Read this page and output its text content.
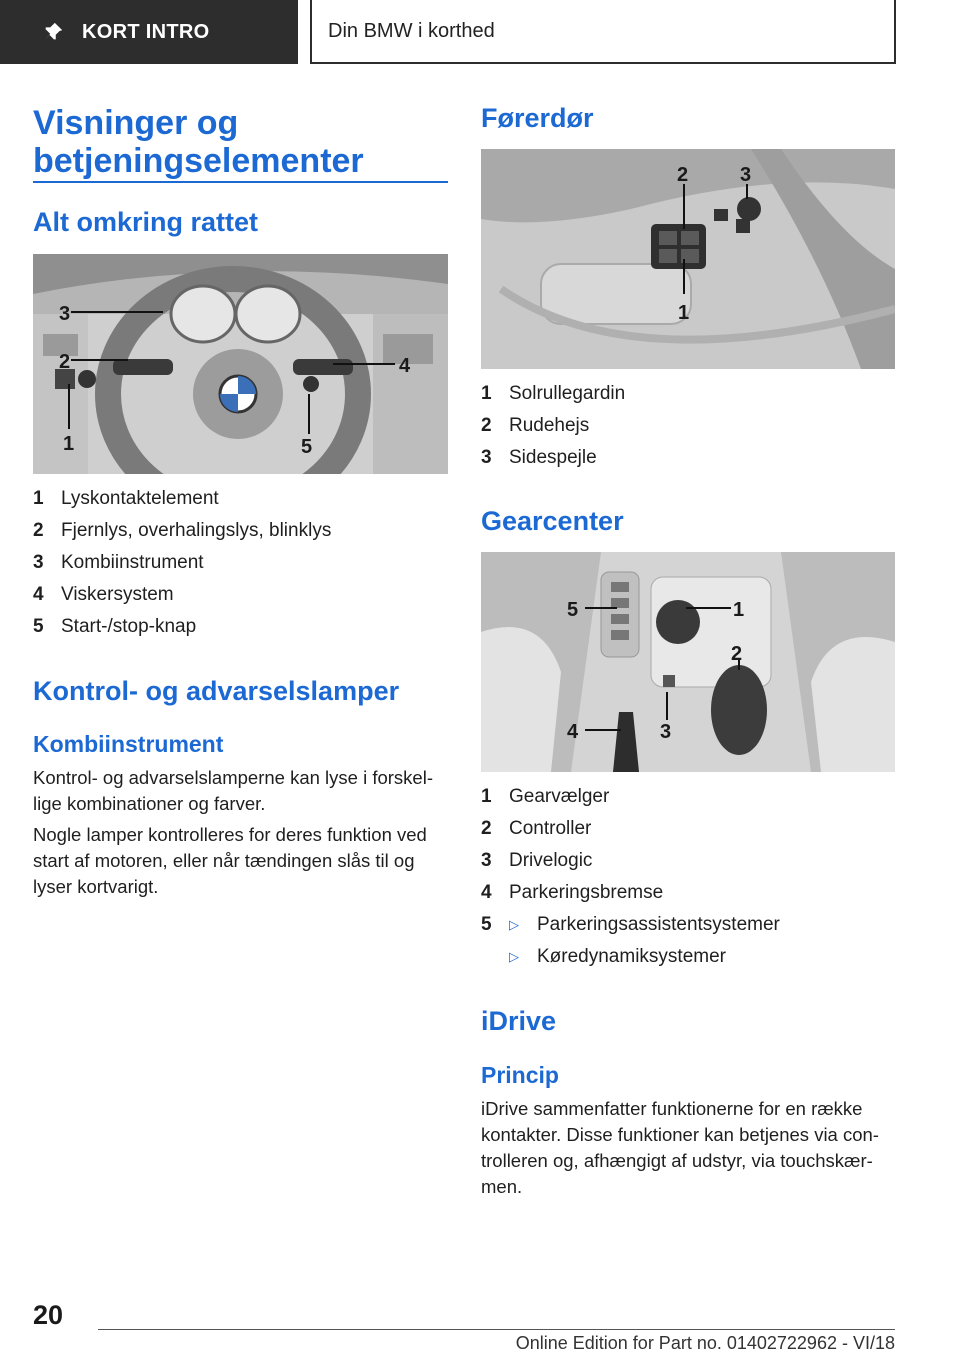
KORT INTRO	Din BMW i korthed
Visninger og
betjeningselementer
Alt omkring rattet
3
2
1
4
5
1 Lyskontaktelement
2 Fjernlys, overhalingslys, blinklys
3 Kombiinstrument
4 Viskersystem
5 Start-/stop-knap
Kontrol- og advarselslamper
Kombiinstrument
Kontrol- og advarselslamperne kan lyse i forskel-
lige kombinationer og farver.
Nogle lamper kontrolleres for deres funktion ved
start af motoren, eller når tændingen slås til og
lyser kortvarigt.
Førerdør
2	3
1
1 Solrullegardin
2 Rudehejs
3 Sidespejle
Gearcenter
5	1
2
3
4
1 Gearvælger
2 Controller
3 Drivelogic
4 Parkeringsbremse
5	▷ Parkeringsassistentsystemer
▷ Køredynamiksystemer
iDrive
Princip
iDrive sammenfatter funktionerne for en række
kontakter. Disse funktioner kan betjenes via con-
trolleren og, afhængigt af udstyr, via touchskær-
men.
20
Online Edition for Part no. 01402722962 - VI/18
